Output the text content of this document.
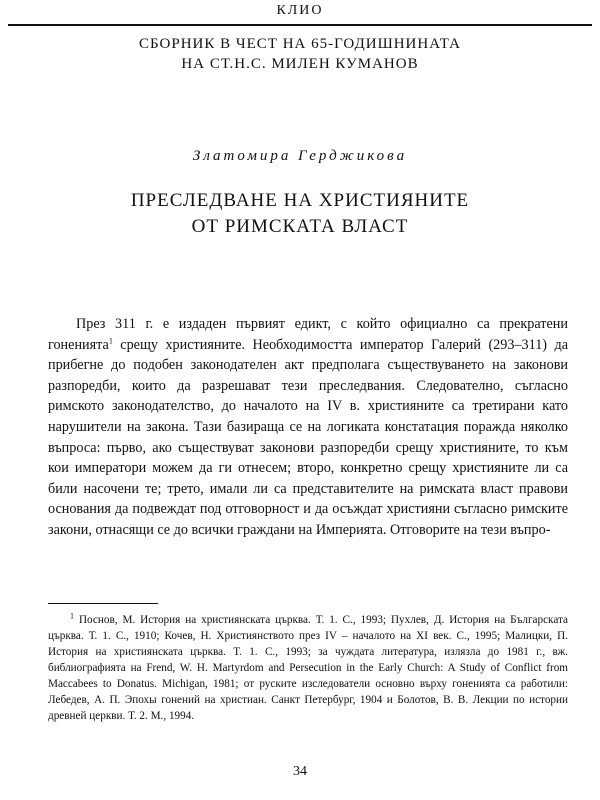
КЛИО
СБОРНИК В ЧЕСТ НА 65-ГОДИШНИНАТА
НА СТ.Н.С. МИЛЕН КУМАНОВ
Златомира Герджикова
ПРЕСЛЕДВАНЕ НА ХРИСТИЯНИТЕ
ОТ РИМСКАТА ВЛАСТ

През 311 г. е издаден първият едикт, с който официално са прекратени гоненията$^1$ срещу християните. Необходимостта император Галерий (293–311) да прибегне до подобен законодателен акт предполага съществуването на законови разпоредби, които да разрешават тези преследвания. Следователно, съгласно римското законодателство, до началото на IV в. християните са третирани като нарушители на закона. Тази базираща се на логиката констатация поражда няколко въпроса: първо, ако съществуват законови разпоредби срещу християните, то към кои императори можем да ги отнесем; второ, конкретно срещу християните ли са били насочени те; трето, имали ли са представителите на римската власт правови основания да подвеждат под отговорност и да осъждат християни съгласно римските закони, отнасящи се до всички граждани на Империята. Отговорите на тези въпро-

$^1$ Поснов, М. История на християнската църква. Т. 1. С., 1993; Пухлев, Д. История на Българската църква. Т. 1. С., 1910; Кочев, Н. Християнството през IV – началото на XI век. С., 1995; Малицки, П. История на християнската църква. Т. 1. С., 1993; за чуждата литература, излязла до 1981 г., вж. библиографията на Frend, W. H. Martyrdom and Persecution in the Early Church: A Study of Conflict from Maccabees to Donatus. Michigan, 1981; от руските изследователи основно върху гоненията са работили: Лебедев, А. П. Эпохы гонений на христиан. Санкт Петербург, 1904 и Болотов, В. В. Лекции по истории древней церкви. Т. 2. М., 1994.

34
